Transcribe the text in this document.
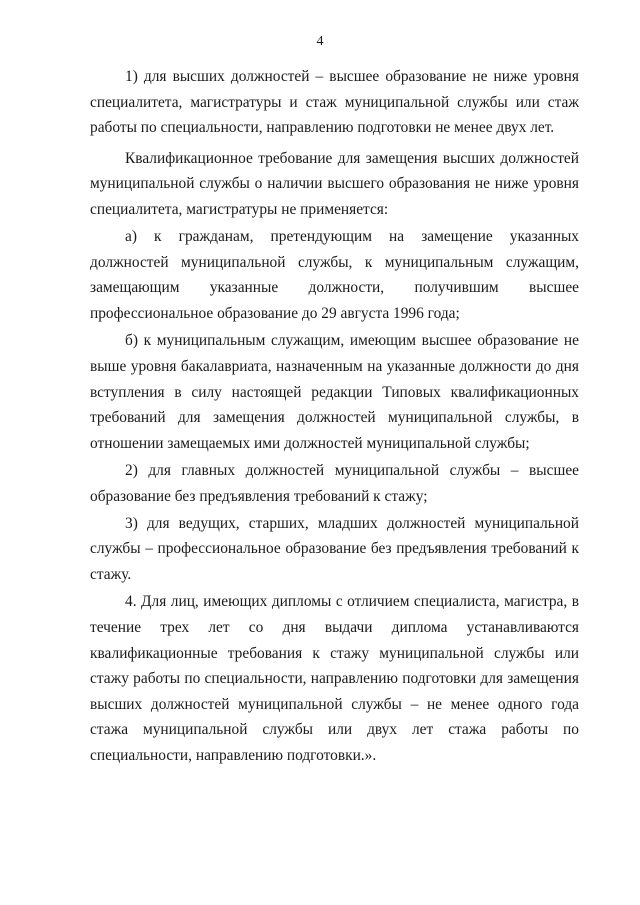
4

1) для высших должностей – высшее образование не ниже уровня специалитета, магистратуры и стаж муниципальной службы или стаж работы по специальности, направлению подготовки не менее двух лет.

Квалификационное требование для замещения высших должностей муниципальной службы о наличии высшего образования не ниже уровня специалитета, магистратуры не применяется:

а) к гражданам, претендующим на замещение указанных должностей муниципальной службы, к муниципальным служащим, замещающим указанные должности, получившим высшее профессиональное образование до 29 августа 1996 года;

б) к муниципальным служащим, имеющим высшее образование не выше уровня бакалавриата, назначенным на указанные должности до дня вступления в силу настоящей редакции Типовых квалификационных требований для замещения должностей муниципальной службы, в отношении замещаемых ими должностей муниципальной службы;

2) для главных должностей муниципальной службы – высшее образование без предъявления требований к стажу;

3) для ведущих, старших, младших должностей муниципальной службы – профессиональное образование без предъявления требований к стажу.

4. Для лиц, имеющих дипломы с отличием специалиста, магистра, в течение трех лет со дня выдачи диплома устанавливаются квалификационные требования к стажу муниципальной службы или стажу работы по специальности, направлению подготовки для замещения высших должностей муниципальной службы – не менее одного года стажа муниципальной службы или двух лет стажа работы по специальности, направлению подготовки.».
